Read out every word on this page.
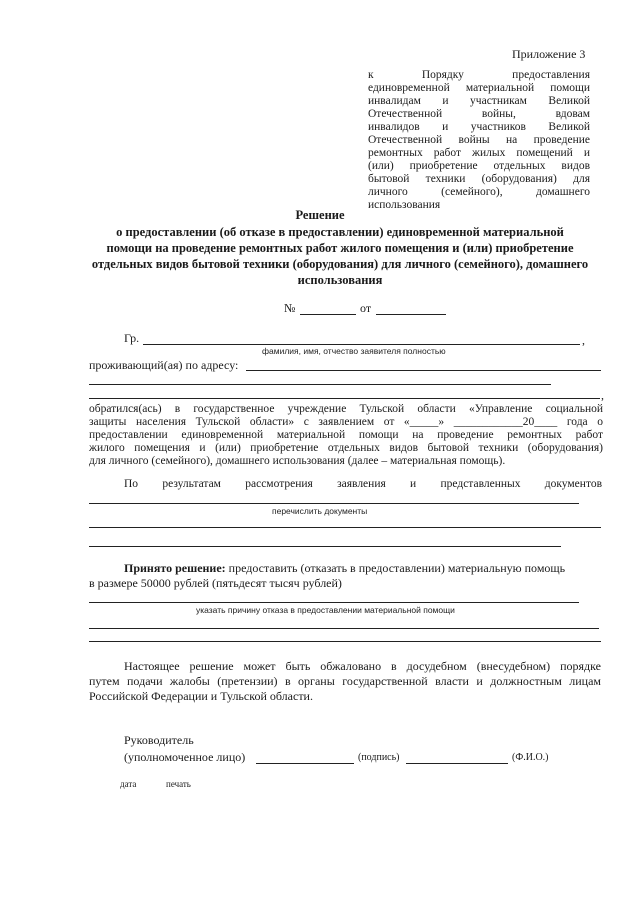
Приложение 3
к Порядку предоставления
единовременной материальной помощи
инвалидам и участникам Великой
Отечественной войны, вдовам
инвалидов и участников Великой
Отечественной войны на проведение
ремонтных работ жилых помещений и
(или) приобретение отдельных видов
бытовой техники (оборудования) для
личного (семейного), домашнего
использования
Решение
о предоставлении (об отказе в предоставлении) единовременной материальной
помощи на проведение ремонтных работ жилого помещения и (или) приобретение
отдельных видов бытовой техники (оборудования) для личного (семейного), домашнего
использования
№	от
Гр.	,
фамилия, имя, отчество заявителя полностью
проживающий(ая) по адресу:
,
обратился(ась) в государственное учреждение Тульской области «Управление социальной
защиты населения Тульской области» с заявлением от «_____» ____________20____ года о
предоставлении единовременной материальной помощи на проведение ремонтных работ
жилого помещения и (или) приобретение отдельных видов бытовой техники (оборудования)
для личного (семейного), домашнего использования (далее – материальная помощь).
По результатам рассмотрения заявления и представленных документов
перечислить документы
Принято решение: предоставить (отказать в предоставлении) материальную помощь
в размере 50000 рублей (пятьдесят тысяч рублей)
указать причину отказа в предоставлении материальной помощи
Настоящее решение может быть обжаловано в досудебном (внесудебном) порядке
путем подачи жалобы (претензии) в органы государственной власти и должностным лицам
Российской Федерации и Тульской области.
Руководитель
(уполномоченное лицо)	(подпись)	(Ф.И.О.)
дата	печать
